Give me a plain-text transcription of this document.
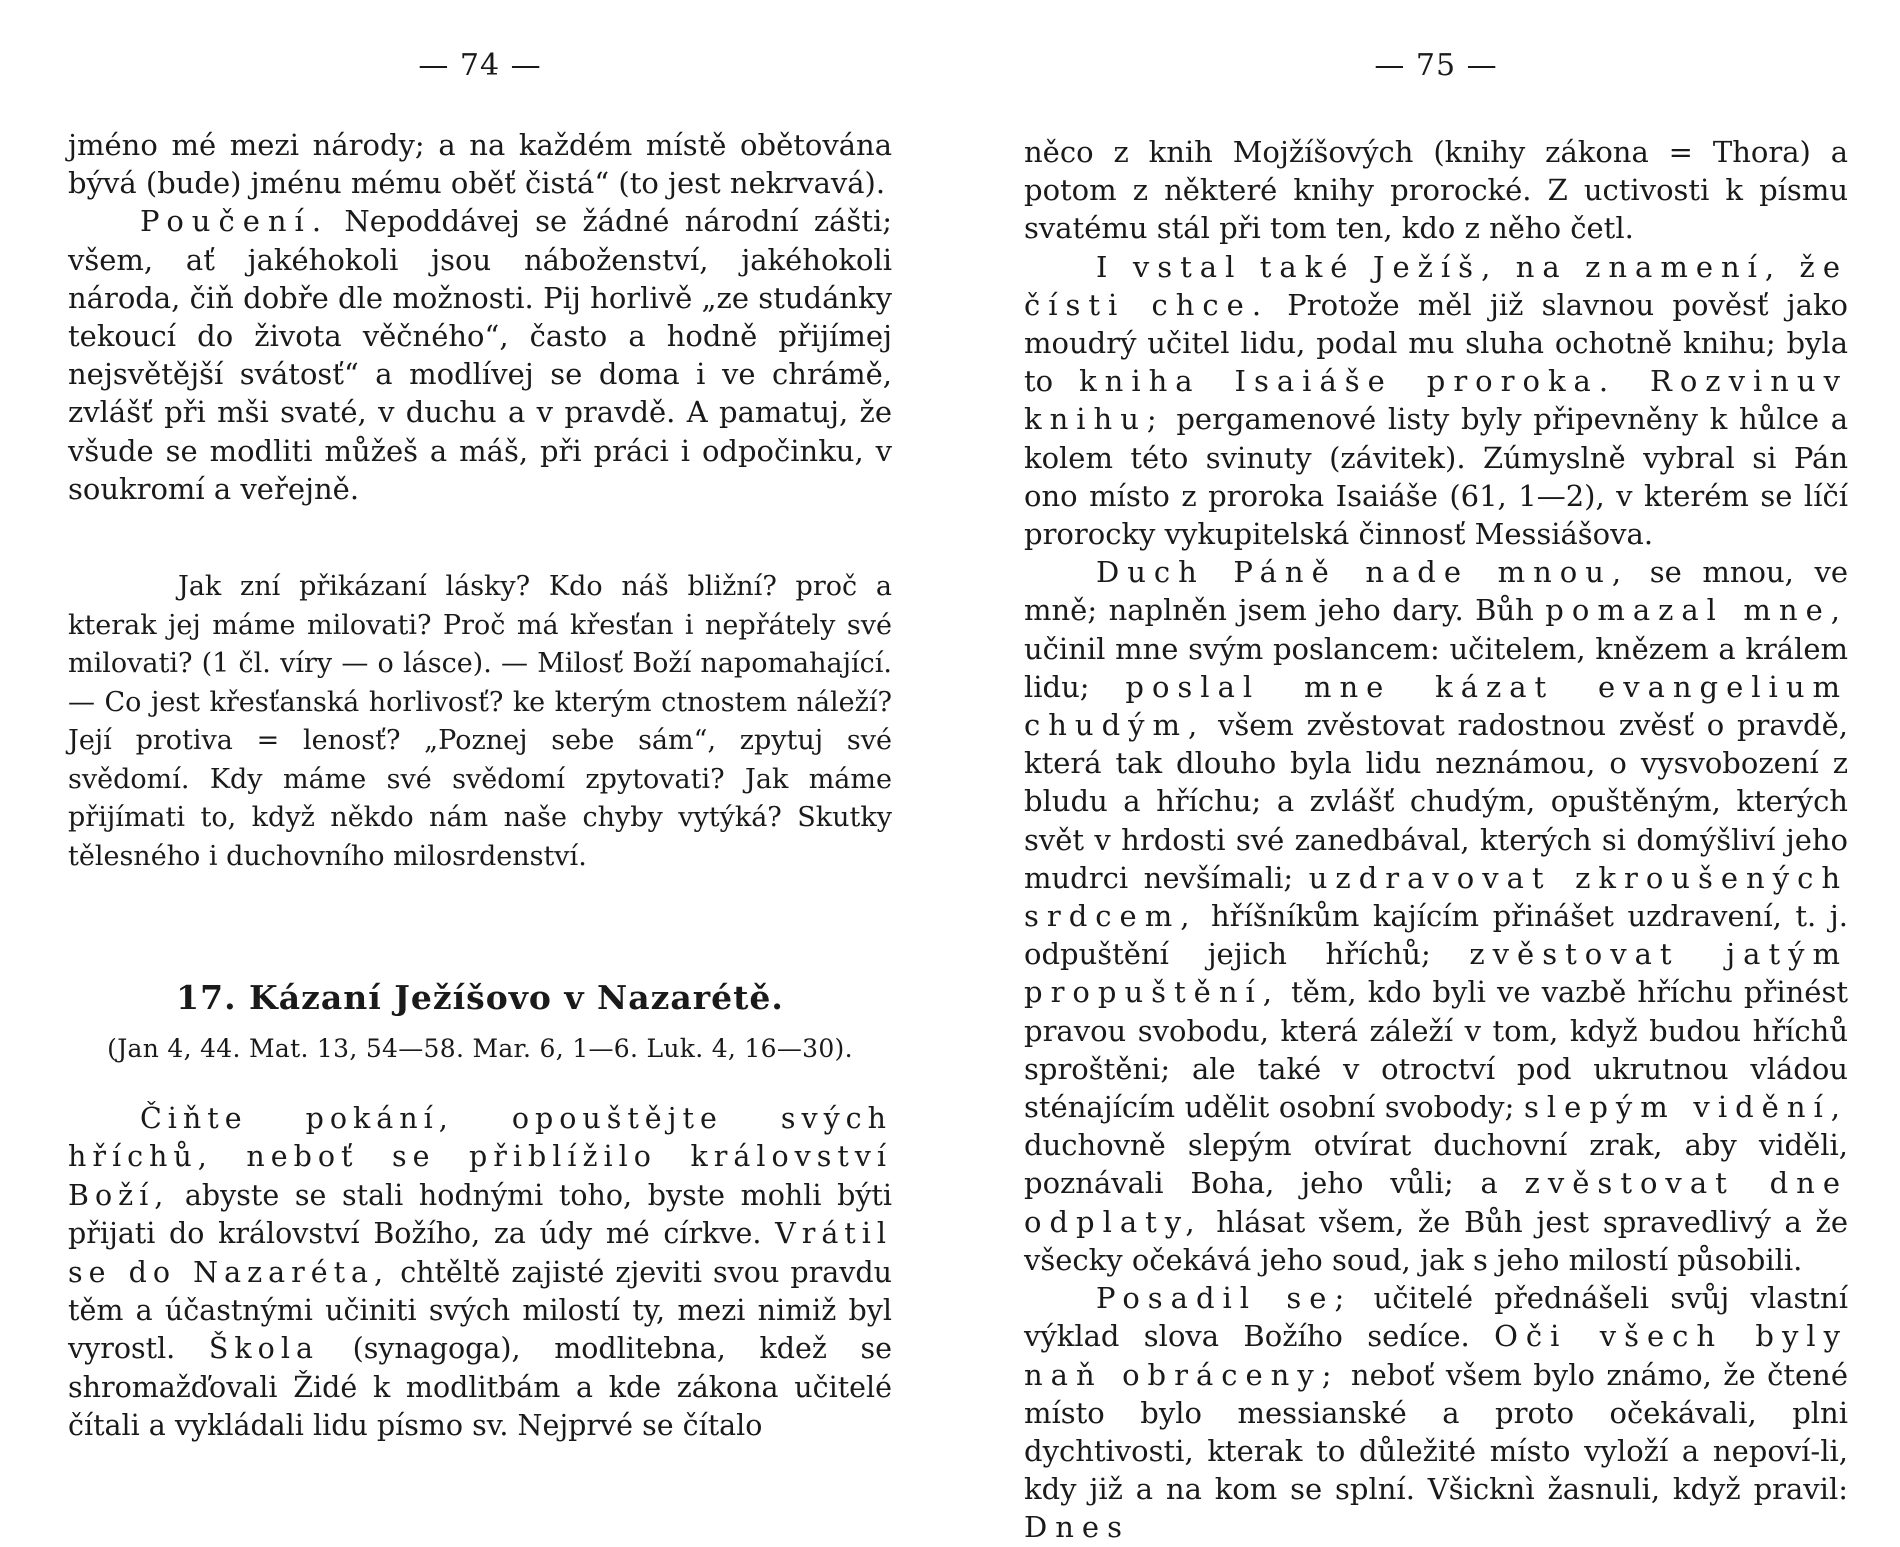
— 74 —

jméno mé mezi národy; a na každém místě obětována bývá (bude) jménu mému oběť čistá“ (to jest nekrvavá).

Poučení. Nepoddávej se žádné národní zášti; všem, ať jakéhokoli jsou náboženství, jakéhokoli národa, čiň dobře dle možnosti. Pij horlivě „ze studánky tekoucí do života věčného“, často a hodně přijímej nejsvětější svátosť“ a modlívej se doma i ve chrámě, zvlášť při mši svaté, v duchu a v pravdě. A pamatuj, že všude se modliti můžeš a máš, při práci i odpočinku, v soukromí a veřejně.

Jak zní přikázaní lásky? Kdo náš bližní? proč a kterak jej máme milovati? Proč má křesťan i nepřátely své milovati? (1 čl. víry — o lásce). — Milosť Boží napomahající. — Co jest křesťanská horlivosť? ke kterým ctnostem náleží? Její protiva = lenosť? „Poznej sebe sám“, zpytuj své svědomí. Kdy máme své svědomí zpytovati? Jak máme přijímati to, když někdo nám naše chyby vytýká? Skutky tělesného i duchovního milosrdenství.
17. Kázaní Ježíšovo v Nazarétě.
(Jan 4, 44. Mat. 13, 54—58. Mar. 6, 1—6. Luk. 4, 16—30).
Čiňte pokání, opouštějte svých hříchů, neboť se přiblížilo království Boží, abyste se stali hodnými toho, byste mohli býti přijati do království Božího, za údy mé církve. Vrátil se do Nazaréta, chtěltě zajisté zjeviti svou pravdu těm a účastnými učiniti svých milostí ty, mezi nimiž byl vyrostl. Škola (synagoga), modlitebna, kdež se shromažďovali Židé k modlitbám a kde zákona učitelé čítali a vykládali lidu písmo sv. Nejprvé se čítalo
— 75 —

něco z knih Mojžíšových (knihy zákona = Thora) a potom z některé knihy prorocké. Z uctivosti k písmu svatému stál při tom ten, kdo z něho četl.

I vstal také Ježíš, na znamení, že čísti chce. Protože měl již slavnou pověsť jako moudrý učitel lidu, podal mu sluha ochotně knihu; byla to kniha Isaiáše proroka. Rozvinuv knihu; pergamenové listy byly připevněny k hůlce a kolem této svinuty (závitek). Zúmyslně vybral si Pán ono místo z proroka Isaiáše (61, 1—2), v kterém se líčí prorocky vykupitelská činnosť Messiášova.

Duch Páně nade mnou, se mnou, ve mně; naplněn jsem jeho dary. Bůh pomazal mne, učinil mne svým poslancem: učitelem, knězem a králem lidu; poslal mne kázat evangelium chudým, všem zvěstovat radostnou zvěsť o pravdě, která tak dlouho byla lidu neznámou, o vysvobození z bludu a hříchu; a zvlášť chudým, opuštěným, kterých svět v hrdosti své zanedbával, kterých si domýšliví jeho mudrci nevšímali; uzdravovat zkroušených srdcem, hříšníkům kajícím přinášet uzdravení, t. j. odpuštění jejich hříchů; zvěstovat jatým propuštění, těm, kdo byli ve vazbě hříchu přinést pravou svobodu, která záleží v tom, když budou hříchů sproštěni; ale také v otroctví pod ukrutnou vládou sténajícím udělit osobní svobody; slepým vidění, duchovně slepým otvírat duchovní zrak, aby viděli, poznávali Boha, jeho vůli; a zvěstovat dne odplaty, hlásat všem, že Bůh jest spravedlivý a že všecky očekává jeho soud, jak s jeho milostí působili.

Posadil se; učitelé přednášeli svůj vlastní výklad slova Božího sedíce. Oči všech byly naň obráceny; neboť všem bylo známo, že čtené místo bylo messianské a proto očekávali, plni dychtivosti, kterak to důležité místo vyloží a nepoví-li, kdy již a na kom se splní. Všicknì žasnuli, když pravil: Dnes
